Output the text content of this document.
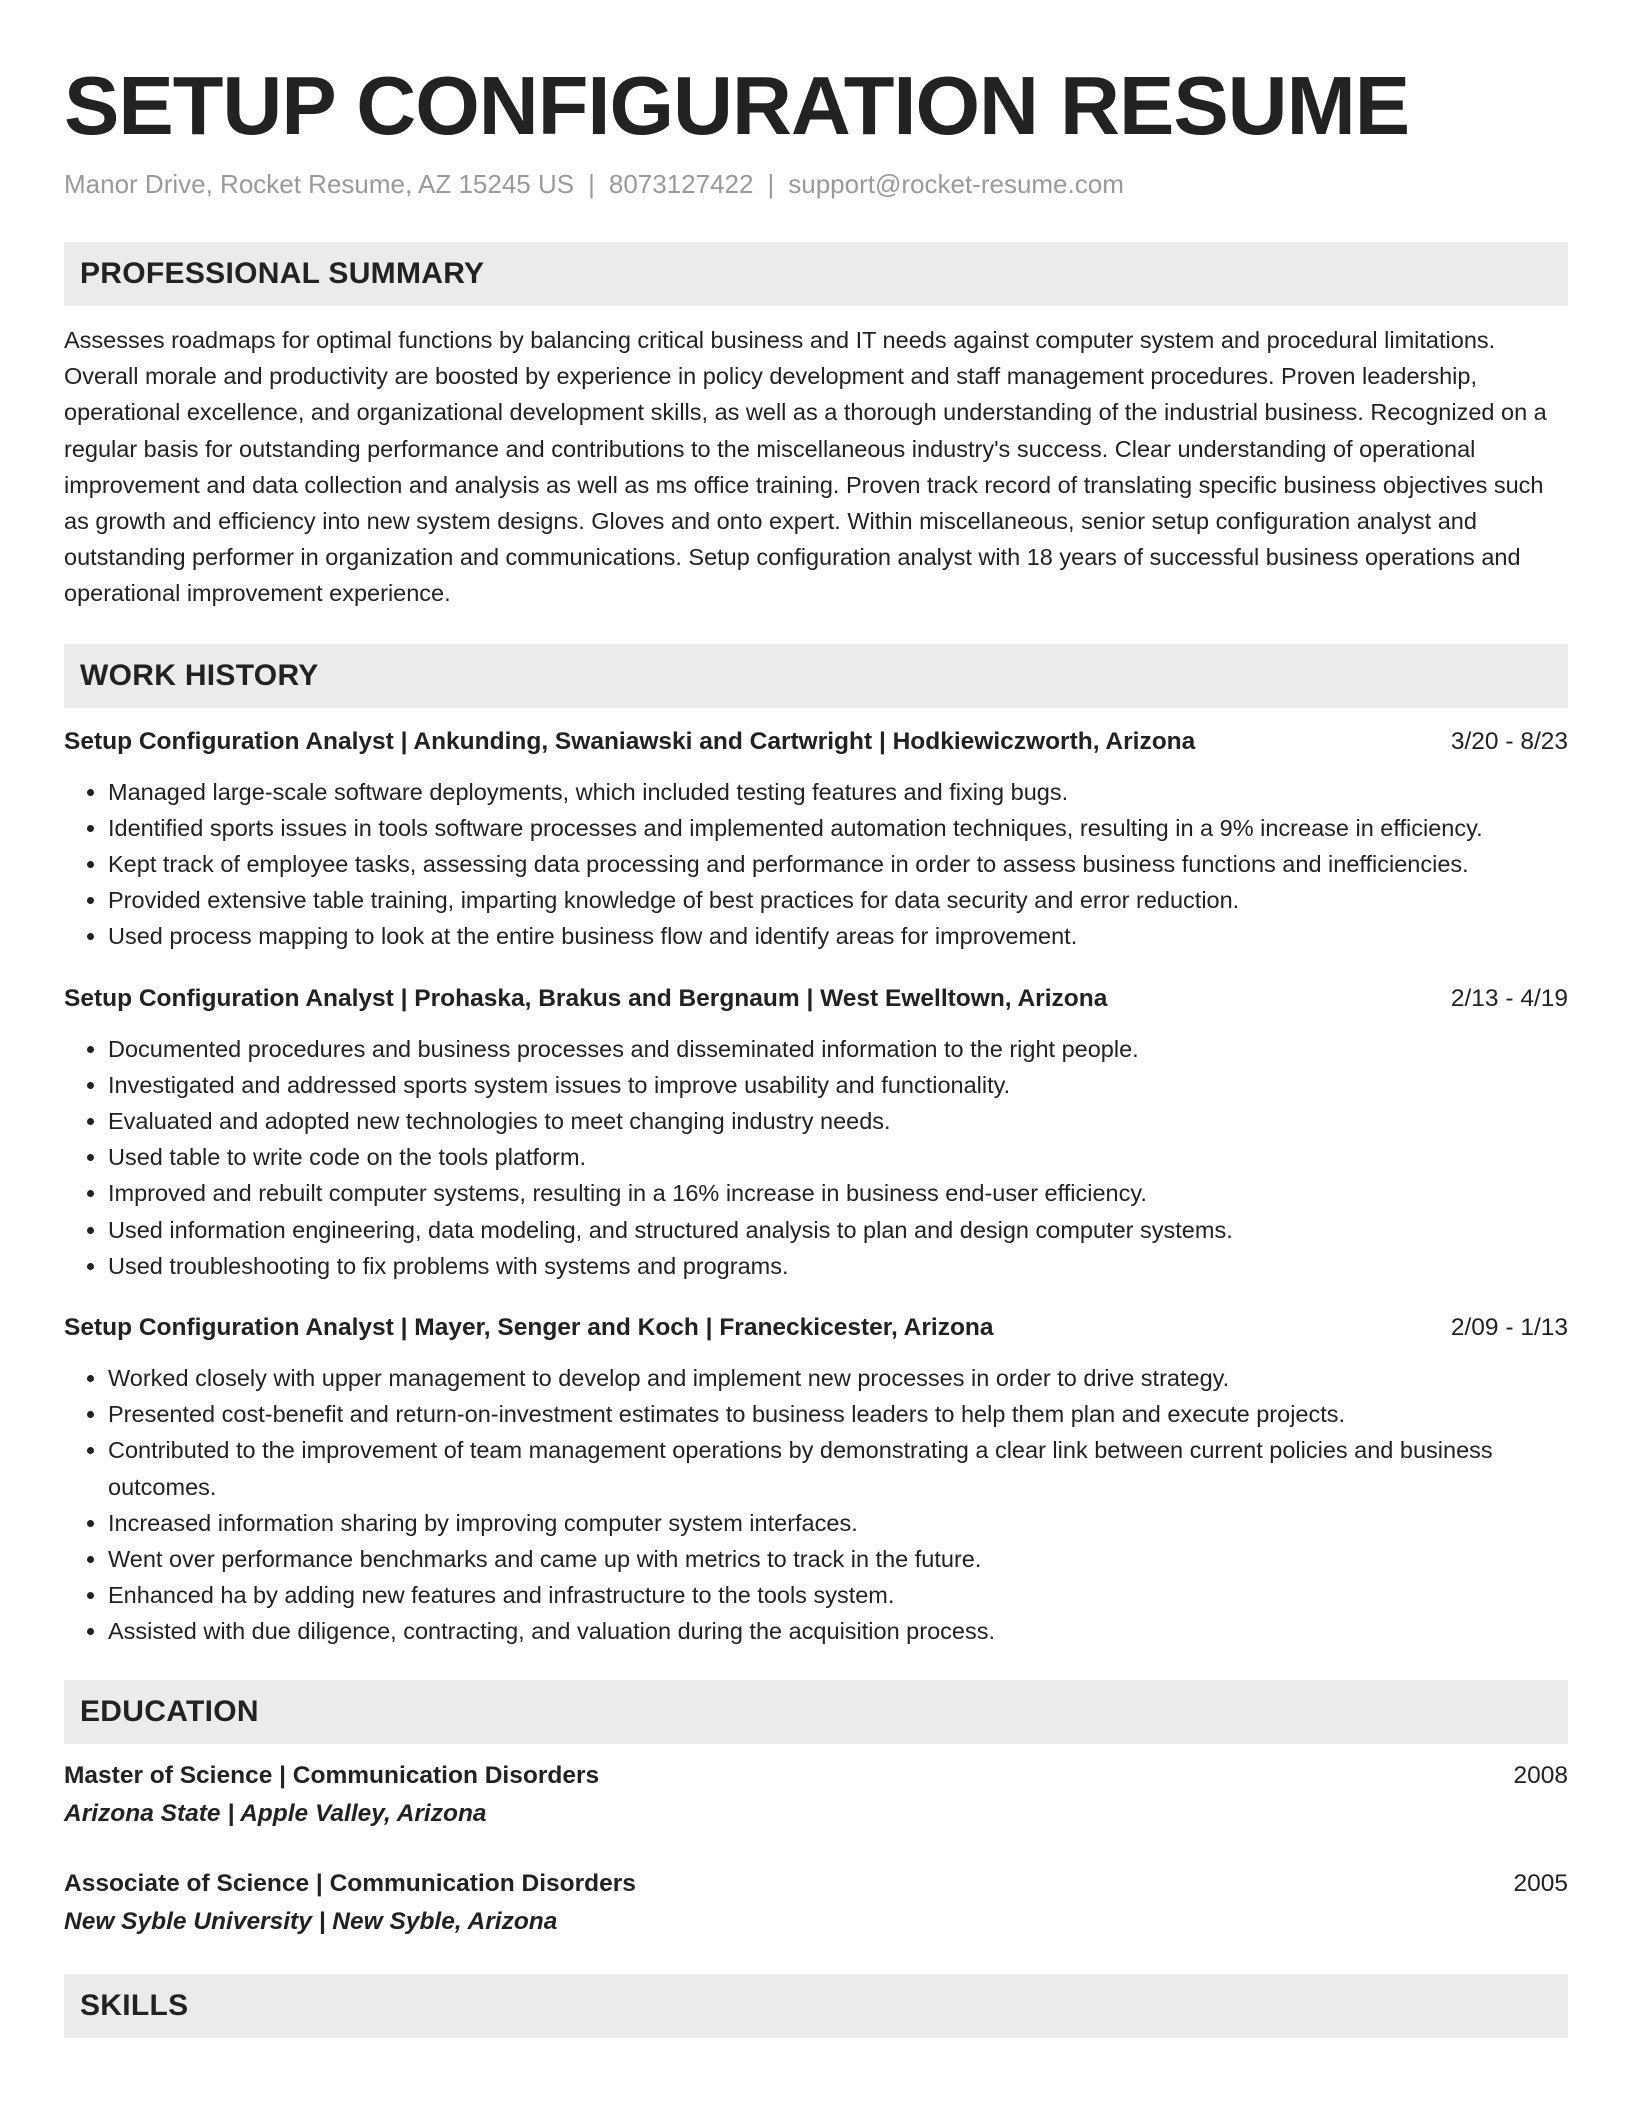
SETUP CONFIGURATION RESUME
Manor Drive, Rocket Resume, AZ 15245 US | 8073127422 | support@rocket-resume.com
PROFESSIONAL SUMMARY

Assesses roadmaps for optimal functions by balancing critical business and IT needs against computer system and procedural limitations. Overall morale and productivity are boosted by experience in policy development and staff management procedures. Proven leadership, operational excellence, and organizational development skills, as well as a thorough understanding of the industrial business. Recognized on a regular basis for outstanding performance and contributions to the miscellaneous industry's success. Clear understanding of operational improvement and data collection and analysis as well as ms office training. Proven track record of translating specific business objectives such as growth and efficiency into new system designs. Gloves and onto expert. Within miscellaneous, senior setup configuration analyst and outstanding performer in organization and communications. Setup configuration analyst with 18 years of successful business operations and operational improvement experience.

WORK HISTORY
Setup Configuration Analyst | Ankunding, Swaniawski and Cartwright | Hodkiewiczworth, Arizona	3/20 - 8/23
• Managed large-scale software deployments, which included testing features and fixing bugs.
• Identified sports issues in tools software processes and implemented automation techniques, resulting in a 9% increase in efficiency.
• Kept track of employee tasks, assessing data processing and performance in order to assess business functions and inefficiencies.
• Provided extensive table training, imparting knowledge of best practices for data security and error reduction.
• Used process mapping to look at the entire business flow and identify areas for improvement.
Setup Configuration Analyst | Prohaska, Brakus and Bergnaum | West Ewelltown, Arizona	2/13 - 4/19
• Documented procedures and business processes and disseminated information to the right people.
• Investigated and addressed sports system issues to improve usability and functionality.
• Evaluated and adopted new technologies to meet changing industry needs.
• Used table to write code on the tools platform.
• Improved and rebuilt computer systems, resulting in a 16% increase in business end-user efficiency.
• Used information engineering, data modeling, and structured analysis to plan and design computer systems.
• Used troubleshooting to fix problems with systems and programs.
Setup Configuration Analyst | Mayer, Senger and Koch | Franeckicester, Arizona	2/09 - 1/13
• Worked closely with upper management to develop and implement new processes in order to drive strategy.
• Presented cost-benefit and return-on-investment estimates to business leaders to help them plan and execute projects.
• Contributed to the improvement of team management operations by demonstrating a clear link between current policies and business outcomes.
• Increased information sharing by improving computer system interfaces.
• Went over performance benchmarks and came up with metrics to track in the future.
• Enhanced ha by adding new features and infrastructure to the tools system.
• Assisted with due diligence, contracting, and valuation during the acquisition process.
EDUCATION
Master of Science | Communication Disorders	2008
Arizona State | Apple Valley, Arizona
Associate of Science | Communication Disorders	2005
New Syble University | New Syble, Arizona
SKILLS
